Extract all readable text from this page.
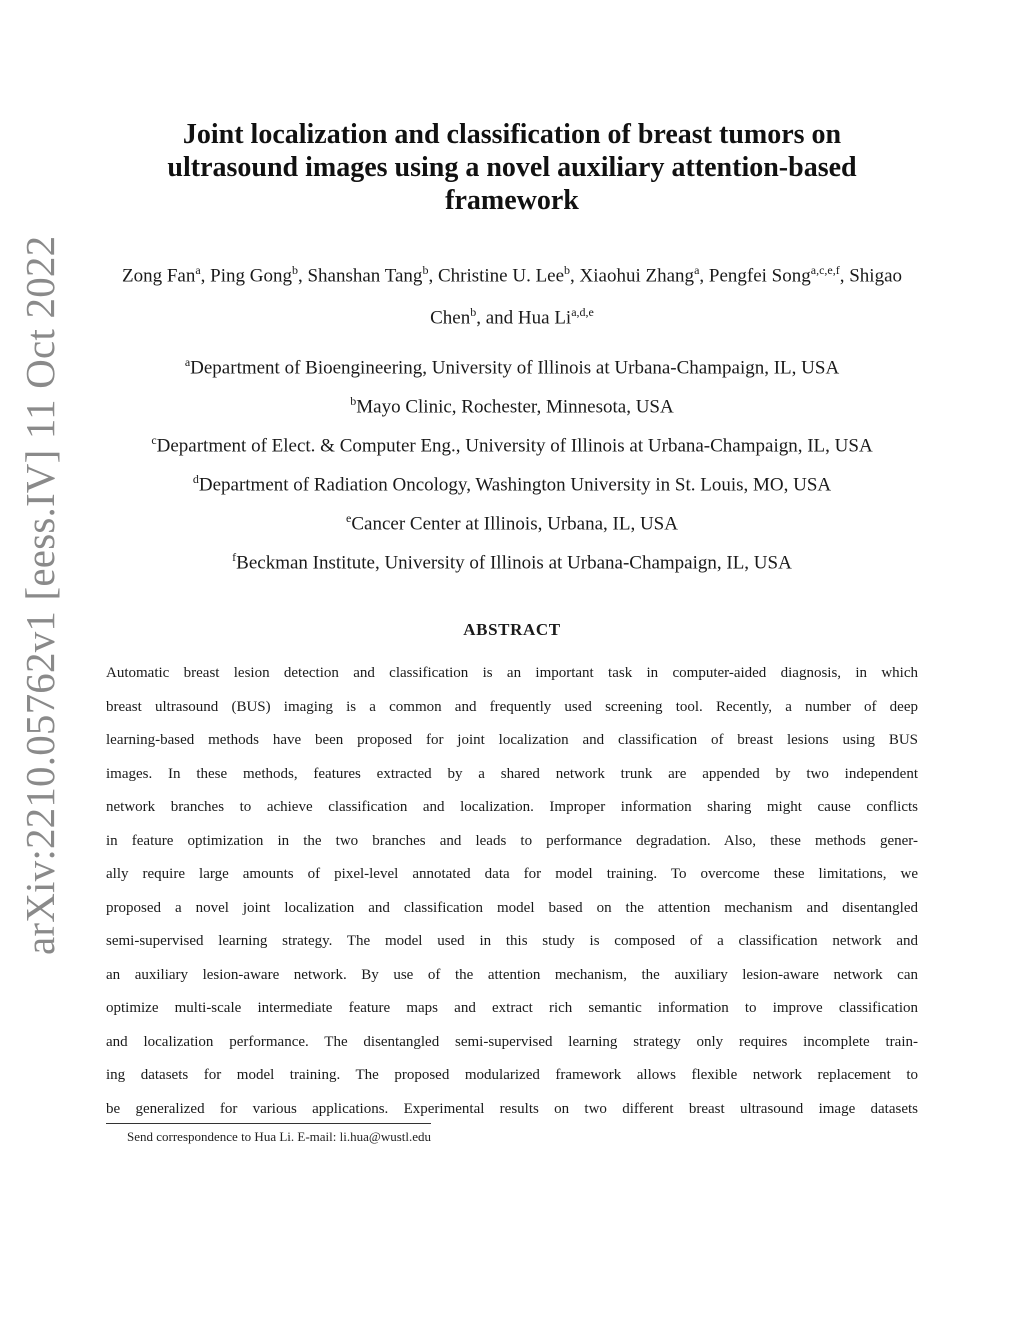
arXiv:2210.05762v1 [eess.IV] 11 Oct 2022
Joint localization and classification of breast tumors on
ultrasound images using a novel auxiliary attention-based
framework
Zong Fan$^a$, Ping Gong$^b$, Shanshan Tang$^b$, Christine U. Lee$^b$, Xiaohui Zhang$^a$, Pengfei Song$^{a,c,e,f}$, Shigao Chen$^b$, and Hua Li$^{a,d,e}$
$^a$Department of Bioengineering, University of Illinois at Urbana-Champaign, IL, USA
$^b$Mayo Clinic, Rochester, Minnesota, USA
$^c$Department of Elect. & Computer Eng., University of Illinois at Urbana-Champaign, IL, USA
$^d$Department of Radiation Oncology, Washington University in St. Louis, MO, USA
$^e$Cancer Center at Illinois, Urbana, IL, USA
$^f$Beckman Institute, University of Illinois at Urbana-Champaign, IL, USA
ABSTRACT
Automatic breast lesion detection and classification is an important task in computer-aided diagnosis, in which
breast ultrasound (BUS) imaging is a common and frequently used screening tool. Recently, a number of deep
learning-based methods have been proposed for joint localization and classification of breast lesions using BUS
images. In these methods, features extracted by a shared network trunk are appended by two independent
network branches to achieve classification and localization. Improper information sharing might cause conflicts
in feature optimization in the two branches and leads to performance degradation. Also, these methods gener-
ally require large amounts of pixel-level annotated data for model training. To overcome these limitations, we
proposed a novel joint localization and classification model based on the attention mechanism and disentangled
semi-supervised learning strategy. The model used in this study is composed of a classification network and
an auxiliary lesion-aware network. By use of the attention mechanism, the auxiliary lesion-aware network can
optimize multi-scale intermediate feature maps and extract rich semantic information to improve classification
and localization performance. The disentangled semi-supervised learning strategy only requires incomplete train-
ing datasets for model training. The proposed modularized framework allows flexible network replacement to
be generalized for various applications. Experimental results on two different breast ultrasound image datasets
Send correspondence to Hua Li. E-mail: li.hua@wustl.edu
